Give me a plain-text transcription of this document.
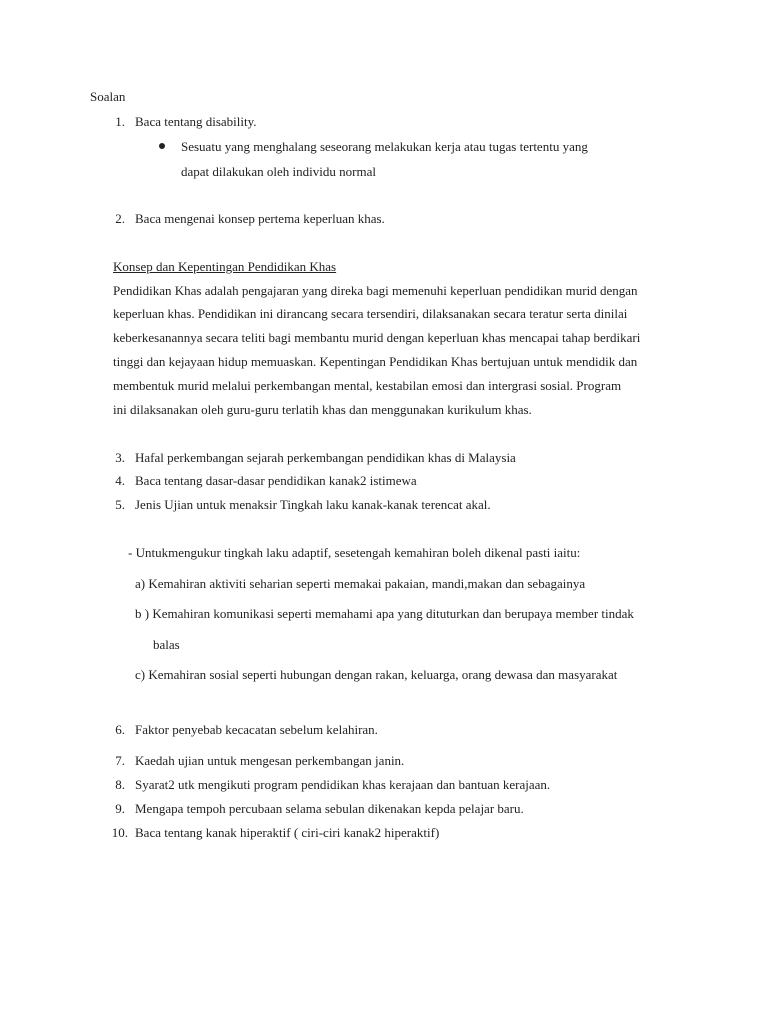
Soalan
1. Baca tentang disability.
Sesuatu yang menghalang seseorang melakukan kerja atau tugas tertentu yang
dapat dilakukan oleh individu normal
2. Baca mengenai konsep pertema keperluan khas.
Konsep dan Kepentingan Pendidikan Khas
Pendidikan Khas adalah pengajaran yang direka bagi memenuhi keperluan pendidikan murid dengan
keperluan khas. Pendidikan ini dirancang secara tersendiri, dilaksanakan secara teratur serta dinilai
keberkesanannya secara teliti bagi membantu murid dengan keperluan khas mencapai tahap berdikari
tinggi dan kejayaan hidup memuaskan. Kepentingan Pendidikan Khas bertujuan untuk mendidik dan
membentuk murid melalui perkembangan mental, kestabilan emosi dan intergrasi sosial. Program
ini dilaksanakan oleh guru-guru terlatih khas dan menggunakan kurikulum khas.
3. Hafal perkembangan sejarah perkembangan pendidikan khas di Malaysia
4. Baca tentang dasar-dasar pendidikan kanak2 istimewa
5. Jenis Ujian untuk menaksir Tingkah laku kanak-kanak terencat akal.
- Untukmengukur tingkah laku adaptif, sesetengah kemahiran boleh dikenal pasti iaitu:
a) Kemahiran aktiviti seharian seperti memakai pakaian, mandi,makan dan sebagainya
b ) Kemahiran komunikasi seperti memahami apa yang dituturkan dan berupaya member tindak
balas
c) Kemahiran sosial seperti hubungan dengan rakan, keluarga, orang dewasa dan masyarakat
6. Faktor penyebab kecacatan sebelum kelahiran.
7. Kaedah ujian untuk mengesan perkembangan janin.
8. Syarat2 utk mengikuti program pendidikan khas kerajaan dan bantuan kerajaan.
9. Mengapa tempoh percubaan selama sebulan dikenakan kepda pelajar baru.
10. Baca tentang kanak hiperaktif ( ciri-ciri kanak2 hiperaktif)
